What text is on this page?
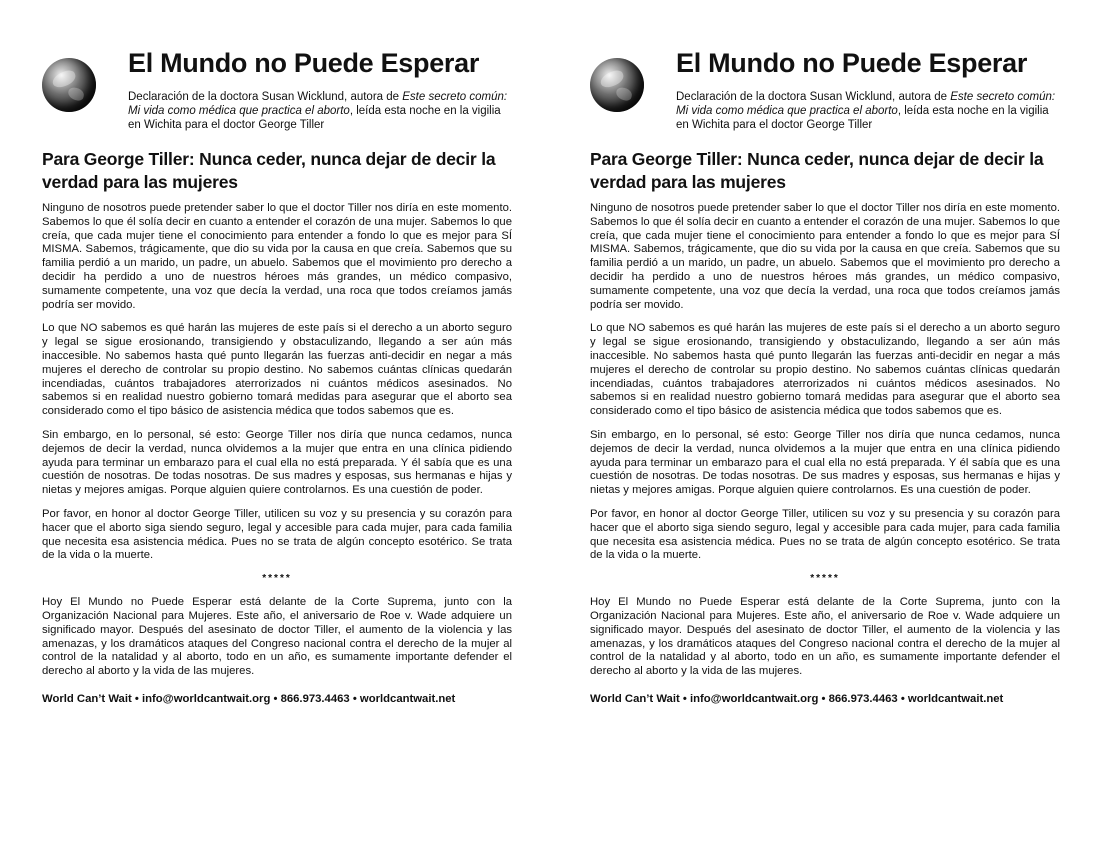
El Mundo no Puede Esperar
Declaración de la doctora Susan Wicklund, autora de Este secreto común: Mi vida como médica que practica el aborto, leída esta noche en la vigilia en Wichita para el doctor George Tiller
Para George Tiller: Nunca ceder, nunca dejar de decir la verdad para las mujeres

Ninguno de nosotros puede pretender saber lo que el doctor Tiller nos diría en este momento. Sabemos lo que él solía decir en cuanto a entender el corazón de una mujer. Sabemos lo que creía, que cada mujer tiene el conocimiento para entender a fondo lo que es mejor para SÍ MISMA. Sabemos, trágicamente, que dio su vida por la causa en que creía. Sabemos que su familia perdió a un marido, un padre, un abuelo. Sabemos que el movimiento pro derecho a decidir ha perdido a uno de nuestros héroes más grandes, un médico compasivo, sumamente competente, una voz que decía la verdad, una roca que todos creíamos jamás podría ser movido.

Lo que NO sabemos es qué harán las mujeres de este país si el derecho a un aborto seguro y legal se sigue erosionando, transigiendo y obstaculizando, llegando a ser aún más inaccesible. No sabemos hasta qué punto llegarán las fuerzas anti-decidir en negar a más mujeres el derecho de controlar su propio destino. No sabemos cuántas clínicas quedarán incendiadas, cuántos trabajadores aterrorizados ni cuántos médicos asesinados. No sabemos si en realidad nuestro gobierno tomará medidas para asegurar que el aborto sea considerado como el tipo básico de asistencia médica que todos sabemos que es.

Sin embargo, en lo personal, sé esto: George Tiller nos diría que nunca cedamos, nunca dejemos de decir la verdad, nunca olvidemos a la mujer que entra en una clínica pidiendo ayuda para terminar un embarazo para el cual ella no está preparada. Y él sabía que es una cuestión de nosotras. De todas nosotras. De sus madres y esposas, sus hermanas e hijas y nietas y mejores amigas. Porque alguien quiere controlarnos. Es una cuestión de poder.

Por favor, en honor al doctor George Tiller, utilicen su voz y su presencia y su corazón para hacer que el aborto siga siendo seguro, legal y accesible para cada mujer, para cada familia que necesita esa asistencia médica. Pues no se trata de algún concepto esotérico. Se trata de la vida o la muerte.

*****

Hoy El Mundo no Puede Esperar está delante de la Corte Suprema, junto con la Organización Nacional para Mujeres. Este año, el aniversario de Roe v. Wade adquiere un significado mayor. Después del asesinato de doctor Tiller, el aumento de la violencia y las amenazas, y los dramáticos ataques del Congreso nacional contra el derecho de la mujer al control de la natalidad y al aborto, todo en un año, es sumamente importante defender el derecho al aborto y la vida de las mujeres.

World Can’t Wait • info@worldcantwait.org • 866.973.4463 • worldcantwait.net
El Mundo no Puede Esperar
Declaración de la doctora Susan Wicklund, autora de Este secreto común: Mi vida como médica que practica el aborto, leída esta noche en la vigilia en Wichita para el doctor George Tiller
Para George Tiller: Nunca ceder, nunca dejar de decir la verdad para las mujeres

Ninguno de nosotros puede pretender saber lo que el doctor Tiller nos diría en este momento. Sabemos lo que él solía decir en cuanto a entender el corazón de una mujer. Sabemos lo que creía, que cada mujer tiene el conocimiento para entender a fondo lo que es mejor para SÍ MISMA. Sabemos, trágicamente, que dio su vida por la causa en que creía. Sabemos que su familia perdió a un marido, un padre, un abuelo. Sabemos que el movimiento pro derecho a decidir ha perdido a uno de nuestros héroes más grandes, un médico compasivo, sumamente competente, una voz que decía la verdad, una roca que todos creíamos jamás podría ser movido.

Lo que NO sabemos es qué harán las mujeres de este país si el derecho a un aborto seguro y legal se sigue erosionando, transigiendo y obstaculizando, llegando a ser aún más inaccesible. No sabemos hasta qué punto llegarán las fuerzas anti-decidir en negar a más mujeres el derecho de controlar su propio destino. No sabemos cuántas clínicas quedarán incendiadas, cuántos trabajadores aterrorizados ni cuántos médicos asesinados. No sabemos si en realidad nuestro gobierno tomará medidas para asegurar que el aborto sea considerado como el tipo básico de asistencia médica que todos sabemos que es.

Sin embargo, en lo personal, sé esto: George Tiller nos diría que nunca cedamos, nunca dejemos de decir la verdad, nunca olvidemos a la mujer que entra en una clínica pidiendo ayuda para terminar un embarazo para el cual ella no está preparada. Y él sabía que es una cuestión de nosotras. De todas nosotras. De sus madres y esposas, sus hermanas e hijas y nietas y mejores amigas. Porque alguien quiere controlarnos. Es una cuestión de poder.

Por favor, en honor al doctor George Tiller, utilicen su voz y su presencia y su corazón para hacer que el aborto siga siendo seguro, legal y accesible para cada mujer, para cada familia que necesita esa asistencia médica. Pues no se trata de algún concepto esotérico. Se trata de la vida o la muerte.

*****

Hoy El Mundo no Puede Esperar está delante de la Corte Suprema, junto con la Organización Nacional para Mujeres. Este año, el aniversario de Roe v. Wade adquiere un significado mayor. Después del asesinato de doctor Tiller, el aumento de la violencia y las amenazas, y los dramáticos ataques del Congreso nacional contra el derecho de la mujer al control de la natalidad y al aborto, todo en un año, es sumamente importante defender el derecho al aborto y la vida de las mujeres.

World Can’t Wait • info@worldcantwait.org • 866.973.4463 • worldcantwait.net
